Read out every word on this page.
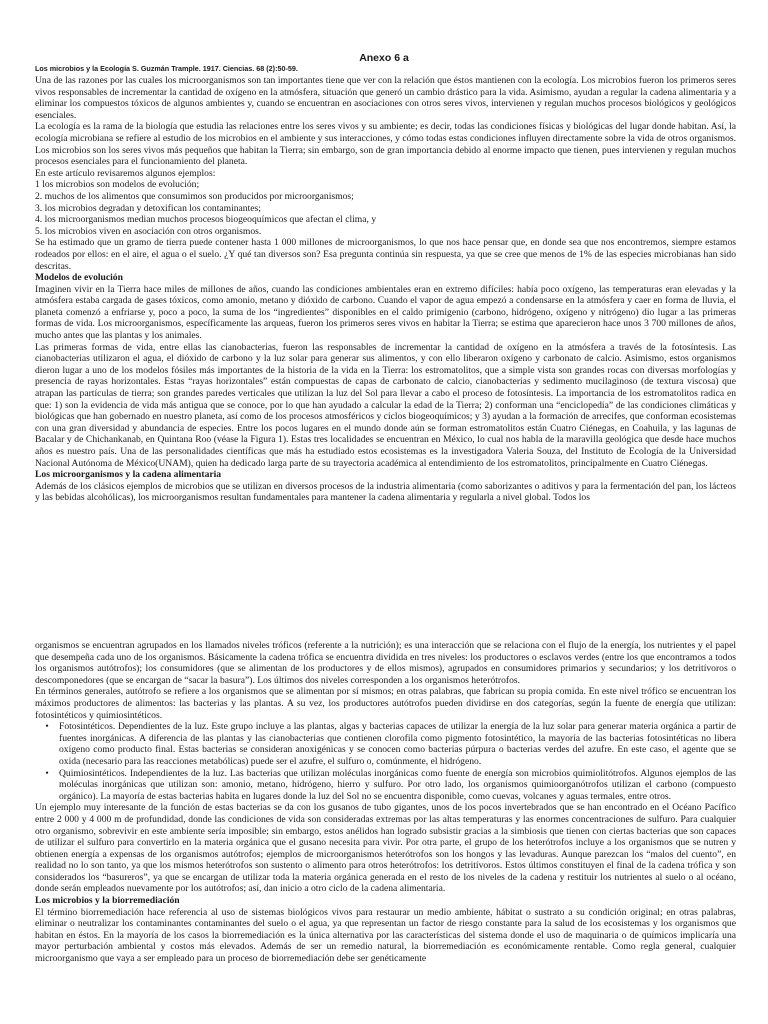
Anexo 6 a

Los microbios y la Ecología S. Guzmán Trample. 1917. Ciencias. 68 (2):50-59.

Una de las razones por las cuales los microorganismos son tan importantes tiene que ver con la relación que éstos mantienen con la ecología. Los microbios fueron los primeros seres vivos responsables de incrementar la cantidad de oxígeno en la atmósfera, situación que generó un cambio drástico para la vida. Asimismo, ayudan a regular la cadena alimentaria y a eliminar los compuestos tóxicos de algunos ambientes y, cuando se encuentran en asociaciones con otros seres vivos, intervienen y regulan muchos procesos biológicos y geológicos esenciales.

La ecología es la rama de la biología que estudia las relaciones entre los seres vivos y su ambiente; es decir, todas las condiciones físicas y biológicas del lugar donde habitan. Así, la ecología microbiana se refiere al estudio de los microbios en el ambiente y sus interacciones, y cómo todas estas condiciones influyen directamente sobre la vida de otros organismos. Los microbios son los seres vivos más pequeños que habitan la Tierra; sin embargo, son de gran importancia debido al enorme impacto que tienen, pues intervienen y regulan muchos procesos esenciales para el funcionamiento del planeta.

En este artículo revisaremos algunos ejemplos:

1 los microbios son modelos de evolución;

2. muchos de los alimentos que consumimos son producidos por microorganismos;

3. los microbios degradan y detoxifican los contaminantes;

4. los microorganismos median muchos procesos biogeoquímicos que afectan el clima, y

5. los microbios viven en asociación con otros organismos.

Se ha estimado que un gramo de tierra puede contener hasta 1 000 millones de microorganismos, lo que nos hace pensar que, en donde sea que nos encontremos, siempre estamos rodeados por ellos: en el aire, el agua o el suelo. ¿Y qué tan diversos son? Esa pregunta continúa sin respuesta, ya que se cree que menos de 1% de las especies microbianas han sido descritas.

Modelos de evolución

Imaginen vivir en la Tierra hace miles de millones de años, cuando las condiciones ambientales eran en extremo difíciles: había poco oxígeno, las temperaturas eran elevadas y la atmósfera estaba cargada de gases tóxicos, como amonio, metano y dióxido de carbono. Cuando el vapor de agua empezó a condensarse en la atmósfera y caer en forma de lluvia, el planeta comenzó a enfriarse y, poco a poco, la suma de los “ingredientes” disponibles en el caldo primigenio (carbono, hidrógeno, oxígeno y nitrógeno) dio lugar a las primeras formas de vida. Los microorganismos, específicamente las arqueas, fueron los primeros seres vivos en habitar la Tierra; se estima que aparecieron hace unos 3 700 millones de años, mucho antes que las plantas y los animales.

Las primeras formas de vida, entre ellas las cianobacterias, fueron las responsables de incrementar la cantidad de oxígeno en la atmósfera a través de la fotosíntesis. Las cianobacterias utilizaron el agua, el dióxido de carbono y la luz solar para generar sus alimentos, y con ello liberaron oxígeno y carbonato de calcio. Asimismo, estos organismos dieron lugar a uno de los modelos fósiles más importantes de la historia de la vida en la Tierra: los estromatolitos, que a simple vista son grandes rocas con diversas morfologías y presencia de rayas horizontales. Estas “rayas horizontales” están compuestas de capas de carbonato de calcio, cianobacterias y sedimento mucilaginoso (de textura viscosa) que atrapan las partículas de tierra; son grandes paredes verticales que utilizan la luz del Sol para llevar a cabo el proceso de fotosíntesis. La importancia de los estromatolitos radica en que: 1) son la evidencia de vida más antigua que se conoce, por lo que han ayudado a calcular la edad de la Tierra; 2) conforman una “enciclopedia” de las condiciones climáticas y biológicas que han gobernado en nuestro planeta, así como de los procesos atmosféricos y ciclos biogeoquímicos; y 3) ayudan a la formación de arrecifes, que conforman ecosistemas con una gran diversidad y abundancia de especies. Entre los pocos lugares en el mundo donde aún se forman estromatolitos están Cuatro Ciénegas, en Coahuila, y las lagunas de Bacalar y de Chichankanab, en Quintana Roo (véase la Figura 1). Estas tres localidades se encuentran en México, lo cual nos habla de la maravilla geológica que desde hace muchos años es nuestro país. Una de las personalidades científicas que más ha estudiado estos ecosistemas es la investigadora Valeria Souza, del Instituto de Ecología de la Universidad Nacional Autónoma de México(UNAM), quien ha dedicado larga parte de su trayectoria académica al entendimiento de los estromatolitos, principalmente en Cuatro Ciénegas.

Los microorganismos y la cadena alimentaria

Además de los clásicos ejemplos de microbios que se utilizan en diversos procesos de la industria alimentaria (como saborizantes o aditivos y para la fermentación del pan, los lácteos y las bebidas alcohólicas), los microorganismos resultan fundamentales para mantener la cadena alimentaria y regularla a nivel global. Todos los

organismos se encuentran agrupados en los llamados niveles tróficos (referente a la nutrición); es una interacción que se relaciona con el flujo de la energía, los nutrientes y el papel que desempeña cada uno de los organismos. Básicamente la cadena trófica se encuentra dividida en tres niveles: los productores o esclavos verdes (entre los que encontramos a todos los organismos autótrofos); los consumidores (que se alimentan de los productores y de ellos mismos), agrupados en consumidores primarios y secundarios; y los detritívoros o descomponedores (que se encargan de “sacar la basura”). Los últimos dos niveles corresponden a los organismos heterótrofos.

En términos generales, autótrofo se refiere a los organismos que se alimentan por sí mismos; en otras palabras, que fabrican su propia comida. En este nivel trófico se encuentran los máximos productores de alimentos: las bacterias y las plantas. A su vez, los productores autótrofos pueden dividirse en dos categorías, según la fuente de energía que utilizan: fotosintéticos y quimiosintéticos.

•	Fotosintéticos. Dependientes de la luz. Este grupo incluye a las plantas, algas y bacterias capaces de utilizar la energía de la luz solar para generar materia orgánica a partir de fuentes inorgánicas. A diferencia de las plantas y las cianobacterias que contienen clorofila como pigmento fotosintético, la mayoría de las bacterias fotosintéticas no libera oxígeno como producto final. Estas bacterias se consideran anoxigénicas y se conocen como bacterias púrpura o bacterias verdes del azufre. En este caso, el agente que se oxida (necesario para las reacciones metabólicas) puede ser el azufre, el sulfuro o, comúnmente, el hidrógeno.
•	Quimiosintéticos. Independientes de la luz. Las bacterias que utilizan moléculas inorgánicas como fuente de energía son microbios quimiolitótrofos. Algunos ejemplos de las moléculas inorgánicas que utilizan son: amonio, metano, hidrógeno, hierro y sulfuro. Por otro lado, los organismos quimioorganótrofos utilizan el carbono (compuesto orgánico). La mayoría de estas bacterias habita en lugares donde la luz del Sol no se encuentra disponible, como cuevas, volcanes y aguas termales, entre otros.

Un ejemplo muy interesante de la función de estas bacterias se da con los gusanos de tubo gigantes, unos de los pocos invertebrados que se han encontrado en el Océano Pacífico entre 2 000 y 4 000 m de profundidad, donde las condiciones de vida son consideradas extremas por las altas temperaturas y las enormes concentraciones de sulfuro. Para cualquier otro organismo, sobrevivir en este ambiente sería imposible; sin embargo, estos anélidos han logrado subsistir gracias a la simbiosis que tienen con ciertas bacterias que son capaces de utilizar el sulfuro para convertirlo en la materia orgánica que el gusano necesita para vivir. Por otra parte, el grupo de los heterótrofos incluye a los organismos que se nutren y obtienen energía a expensas de los organismos autótrofos; ejemplos de microorganismos heterótrofos son los hongos y las levaduras. Aunque parezcan los “malos del cuento”, en realidad no lo son tanto, ya que los mismos heterótrofos son sustento o alimento para otros heterótrofos: los detritívoros. Estos últimos constituyen el final de la cadena trófica y son considerados los “basureros”, ya que se encargan de utilizar toda la materia orgánica generada en el resto de los niveles de la cadena y restituir los nutrientes al suelo o al océano, donde serán empleados nuevamente por los autótrofos; así, dan inicio a otro ciclo de la cadena alimentaria.

Los microbios y la biorremediación

El término biorremediación hace referencia al uso de sistemas biológicos vivos para restaurar un medio ambiente, hábitat o sustrato a su condición original; en otras palabras, eliminar o neutralizar los contaminantes contaminantes del suelo o el agua, ya que representan un factor de riesgo constante para la salud de los ecosistemas y los organismos que habitan en éstos. En la mayoría de los casos la biorremediación es la única alternativa por las características del sistema donde el uso de maquinaria o de químicos implicaría una mayor perturbación ambiental y costos más elevados. Además de ser un remedio natural, la biorremediación es económicamente rentable. Como regla general, cualquier microorganismo que vaya a ser empleado para un proceso de biorremediación debe ser genéticamente
